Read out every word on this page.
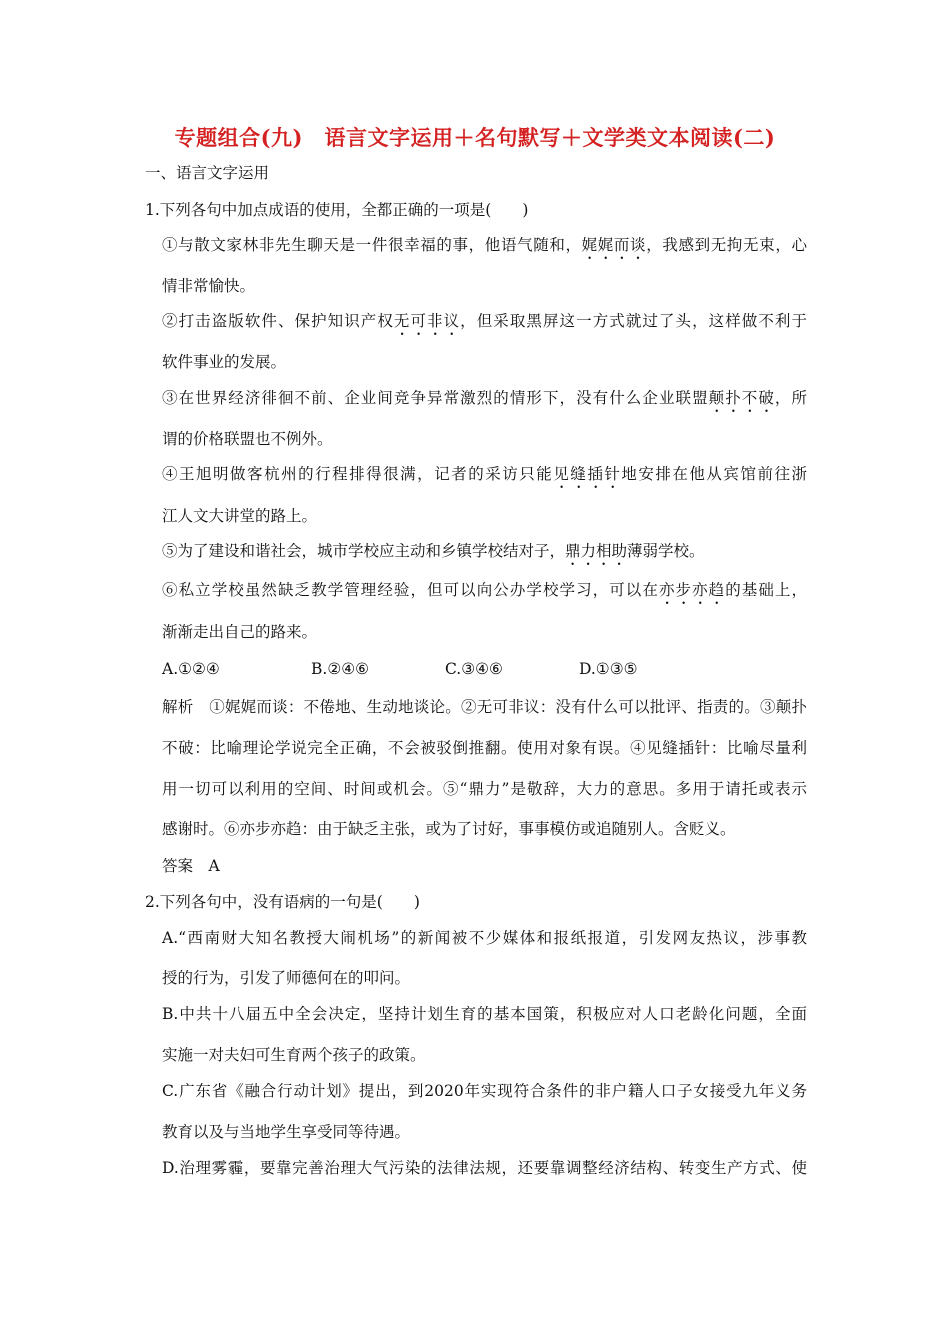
专题组合(九)　语言文字运用＋名句默写＋文学类文本阅读(二)
一、语言文字运用
1.下列各句中加点成语的使用，全都正确的一项是(　　)
①与散文家林非先生聊天是一件很幸福的事，他语气随和，娓娓而谈，我感到无拘无束，心
情非常愉快。
②打击盗版软件、保护知识产权无可非议，但采取黑屏这一方式就过了头，这样做不利于
软件事业的发展。
③在世界经济徘徊不前、企业间竞争异常激烈的情形下，没有什么企业联盟颠扑不破，所
谓的价格联盟也不例外。
④王旭明做客杭州的行程排得很满，记者的采访只能见缝插针地安排在他从宾馆前往浙
江人文大讲堂的路上。
⑤为了建设和谐社会，城市学校应主动和乡镇学校结对子，鼎力相助薄弱学校。
⑥私立学校虽然缺乏教学管理经验，但可以向公办学校学习，可以在亦步亦趋的基础上，
渐渐走出自己的路来。
A.①②④	B.②④⑥	C.③④⑥	D.①③⑤
解析　①娓娓而谈：不倦地、生动地谈论。②无可非议：没有什么可以批评、指责的。③颠扑
不破：比喻理论学说完全正确，不会被驳倒推翻。使用对象有误。④见缝插针：比喻尽量利
用一切可以利用的空间、时间或机会。⑤“鼎力”是敬辞，大力的意思。多用于请托或表示
感谢时。⑥亦步亦趋：由于缺乏主张，或为了讨好，事事模仿或追随别人。含贬义。
答案　A
2.下列各句中，没有语病的一句是(　　)
A.“西南财大知名教授大闹机场”的新闻被不少媒体和报纸报道，引发网友热议，涉事教
授的行为，引发了师德何在的叩问。
B.中共十八届五中全会决定，坚持计划生育的基本国策，积极应对人口老龄化问题，全面
实施一对夫妇可生育两个孩子的政策。
C.广东省《融合行动计划》提出，到2020年实现符合条件的非户籍人口子女接受九年义务
教育以及与当地学生享受同等待遇。
D.治理雾霾，要靠完善治理大气污染的法律法规，还要靠调整经济结构、转变生产方式、使
